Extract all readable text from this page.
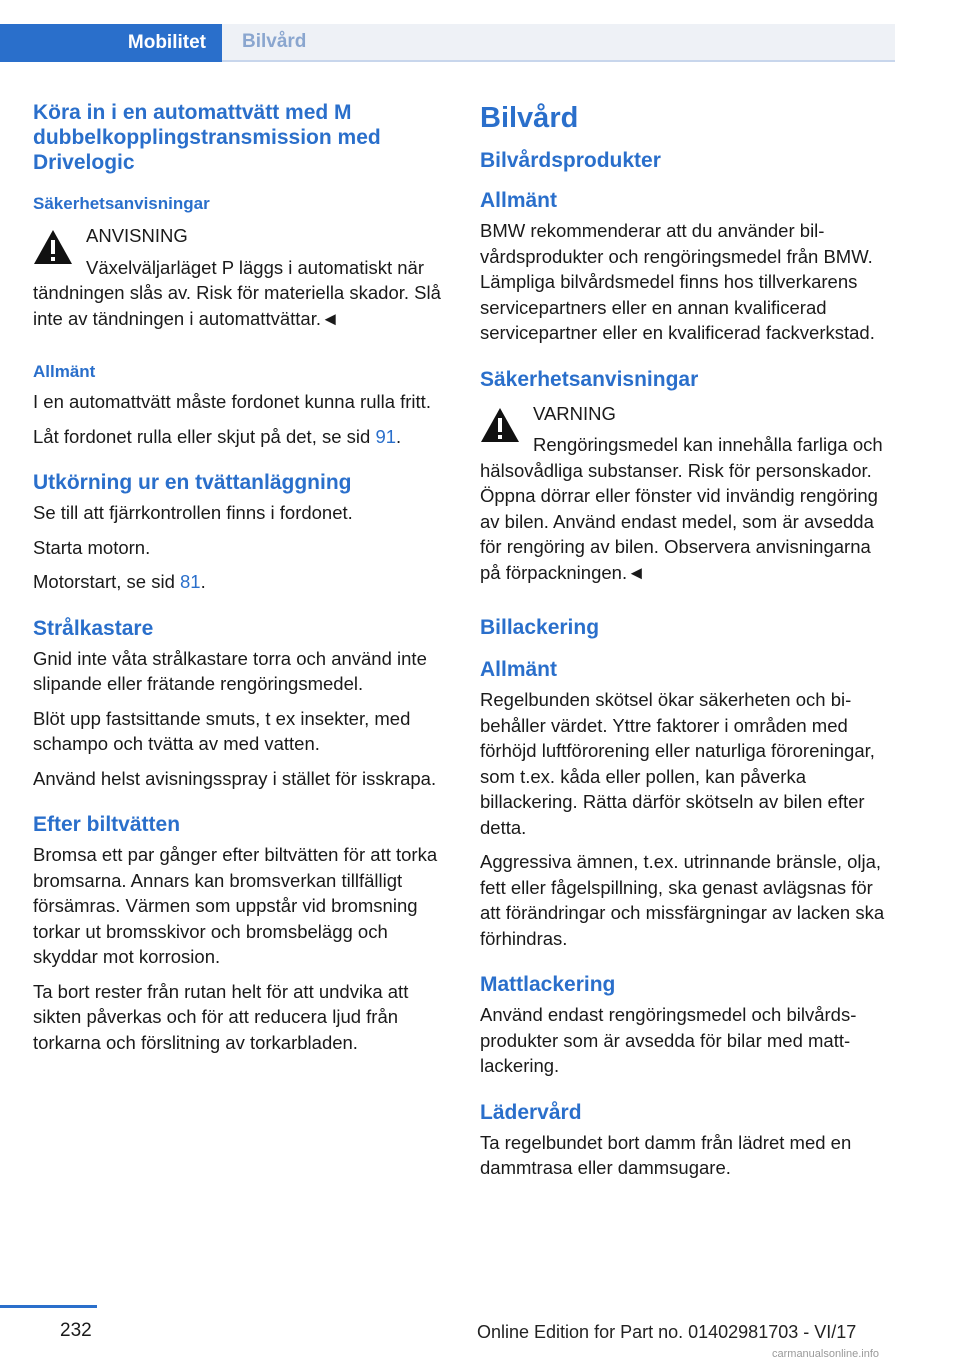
Mobilitet	Bilvård
Köra in i en automattvätt med M dubbelkopplingstransmission med Drivelogic
Säkerhetsanvisningar
ANVISNING

Växelväljarläget P läggs i automatiskt när tändningen slås av. Risk för materiella skador. Slå inte av tändningen i automattvättar.◄

Allmänt

I en automattvätt måste fordonet kunna rulla fritt.

Låt fordonet rulla eller skjut på det, se sid 91.

Utkörning ur en tvättanläggning

Se till att fjärrkontrollen finns i fordonet.

Starta motorn.

Motorstart, se sid 81.

Strålkastare

Gnid inte våta strålkastare torra och använd inte slipande eller frätande rengöringsmedel.

Blöt upp fastsittande smuts, t ex insekter, med schampo och tvätta av med vatten.

Använd helst avisningsspray i stället för isskrapa.

Efter biltvätten

Bromsa ett par gånger efter biltvätten för att torka bromsarna. Annars kan bromsverkan tillfälligt försämras. Värmen som uppstår vid bromsning torkar ut bromsskivor och bromsbelägg och skyddar mot korrosion.

Ta bort rester från rutan helt för att undvika att sikten påverkas och för att reducera ljud från torkarna och förslitning av torkarbladen.

Bilvård
Bilvårdsprodukter
Allmänt

BMW rekommenderar att du använder bilvårdsprodukter och rengöringsmedel från BMW. Lämpliga bilvårdsmedel finns hos tillverkarens servicepartners eller en annan kvalificerad servicepartner eller en kvalificerad fackverkstad.

Säkerhetsanvisningar
VARNING

Rengöringsmedel kan innehålla farliga och hälsovådliga substanser. Risk för personskador. Öppna dörrar eller fönster vid invändig rengöring av bilen. Använd endast medel, som är avsedda för rengöring av bilen. Observera anvisningarna på förpackningen.◄

Billackering
Allmänt

Regelbunden skötsel ökar säkerheten och bibehåller värdet. Yttre faktorer i områden med förhöjd luftförorening eller naturliga föroreningar, som t.ex. kåda eller pollen, kan påverka billackering. Rätta därför skötseln av bilen efter detta.

Aggressiva ämnen, t.ex. utrinnande bränsle, olja, fett eller fågelspillning, ska genast avlägsnas för att förändringar och missfärgningar av lacken ska förhindras.

Mattlackering

Använd endast rengöringsmedel och bilvårdsprodukter som är avsedda för bilar med mattlackering.

Lädervård

Ta regelbundet bort damm från lädret med en dammtrasa eller dammsugare.

232	Online Edition for Part no. 01402981703 - VI/17
carmanualsonline.info
